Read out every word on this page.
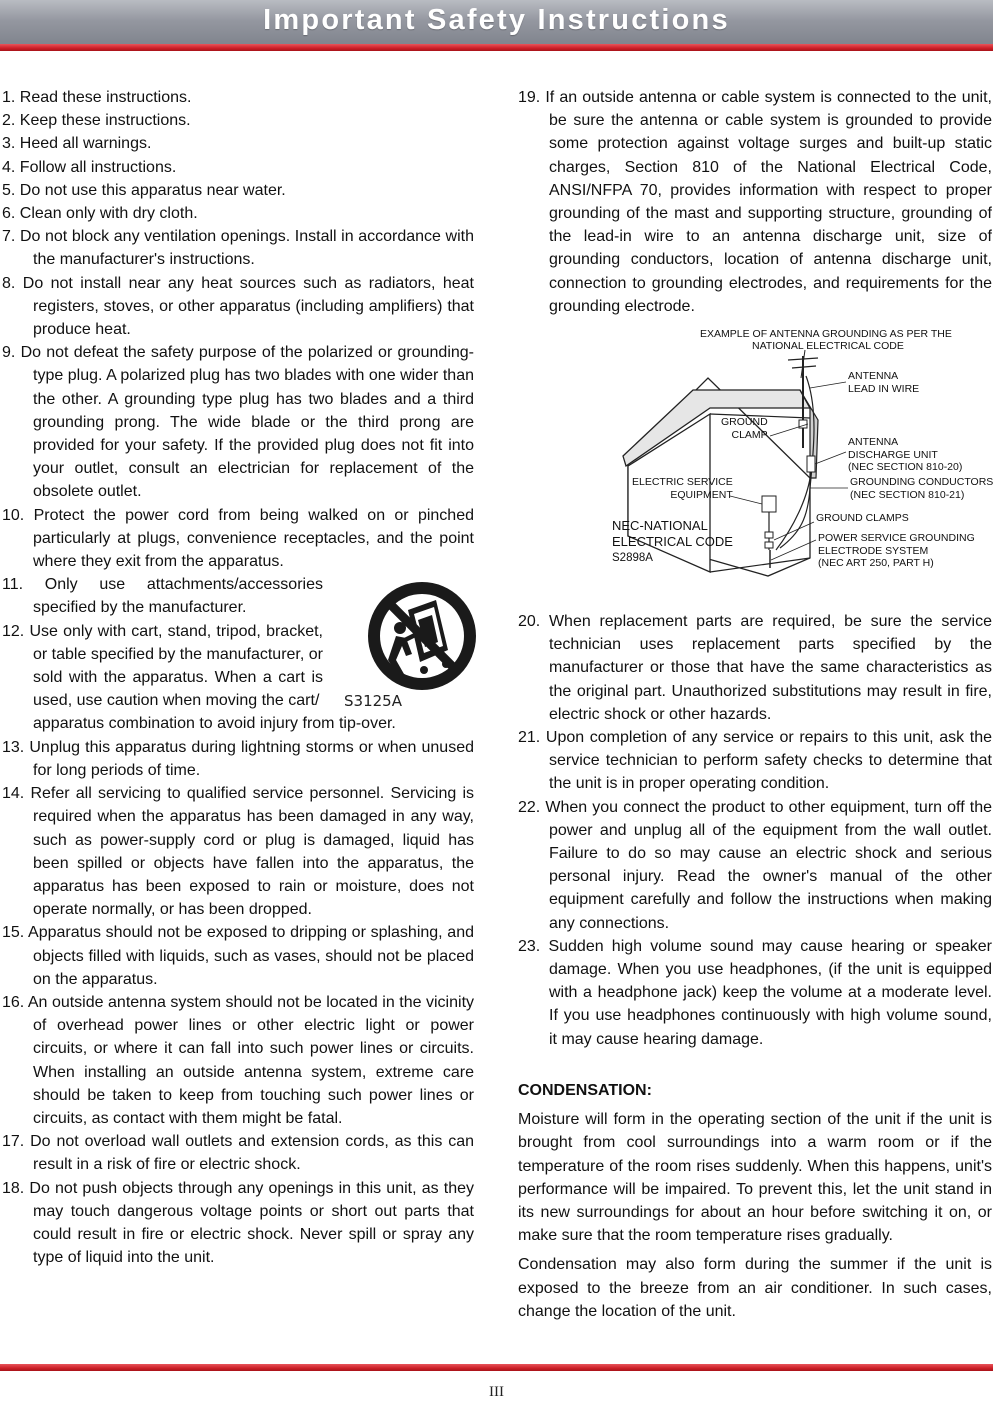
Important Safety Instructions

1. Read these instructions.

2. Keep these instructions.

3. Heed all warnings.

4. Follow all instructions.

5. Do not use this apparatus near water.

6. Clean only with dry cloth.

7. Do not block any ventilation openings. Install in accordance with the manufacturer's instructions.

8. Do not install near any heat sources such as radiators, heat registers, stoves, or other apparatus (including amplifiers) that produce heat.

9. Do not defeat the safety purpose of the polarized or grounding-type plug. A polarized plug has two blades with one wider than the other. A grounding type plug has two blades and a third grounding prong. The wide blade or the third prong are provided for your safety. If the provided plug does not fit into your outlet, consult an electrician for replacement of the obsolete outlet.

10. Protect the power cord from being walked on or pinched particularly at plugs, convenience receptacles, and the point where they exit from the apparatus.

11. Only use attachments/accessories specified by the manufacturer.

12. Use only with cart, stand, tripod, bracket, or table specified by the manufacturer, or sold with the apparatus. When a cart is used, use caution when moving the cart/

apparatus combination to avoid injury from tip-over.

13. Unplug this apparatus during lightning storms or when unused for long periods of time.

14. Refer all servicing to qualified service personnel. Servicing is required when the apparatus has been damaged in any way, such as power-supply cord or plug is damaged, liquid has been spilled or objects have fallen into the apparatus, the apparatus has been exposed to rain or moisture, does not operate normally, or has been dropped.

15. Apparatus should not be exposed to dripping or splashing, and objects filled with liquids, such as vases, should not be placed on the apparatus.

16. An outside antenna system should not be located in the vicinity of overhead power lines or other electric light or power circuits, or where it can fall into such power lines or circuits. When installing an outside antenna system, extreme care should be taken to keep from touching such power lines or circuits, as contact with them might be fatal.

17. Do not overload wall outlets and extension cords, as this can result in a risk of fire or electric shock.

18. Do not push objects through any openings in this unit, as they may touch dangerous voltage points or short out parts that could result in fire or electric shock. Never spill or spray any type of liquid into the unit.

S3125A

19. If an outside antenna or cable system is connected to the unit, be sure the antenna or cable system is grounded to provide some protection against voltage surges and built-up static charges, Section 810 of the National Electrical Code, ANSI/NFPA 70, provides information with respect to proper grounding of the mast and supporting structure, grounding of the lead-in wire to an antenna discharge unit, size of grounding conductors, location of antenna discharge unit, connection to grounding electrodes, and requirements for the grounding electrode.

EXAMPLE OF ANTENNA GROUNDING AS PER THE
NATIONAL ELECTRICAL CODE
ANTENNA
LEAD IN WIRE
GROUND
CLAMP
ANTENNA
DISCHARGE UNIT
(NEC SECTION 810-20)
GROUNDING CONDUCTORS
(NEC SECTION 810-21)
ELECTRIC SERVICE
EQUIPMENT
GROUND CLAMPS
NEC-NATIONAL
ELECTRICAL CODE
S2898A
POWER SERVICE GROUNDING
ELECTRODE SYSTEM
(NEC ART 250, PART H)

20. When replacement parts are required, be sure the service technician uses replacement parts specified by the manufacturer or those that have the same characteristics as the original part. Unauthorized substitutions may result in fire, electric shock or other hazards.

21. Upon completion of any service or repairs to this unit, ask the service technician to perform safety checks to determine that the unit is in proper operating condition.

22. When you connect the product to other equipment, turn off the power and unplug all of the equipment from the wall outlet. Failure to do so may cause an electric shock and serious personal injury. Read the owner's manual of the other equipment carefully and follow the instructions when making any connections.

23. Sudden high volume sound may cause hearing or speaker damage. When you use headphones, (if the unit is equipped with a headphone jack) keep the volume at a moderate level. If you use headphones continuously with high volume sound, it may cause hearing damage.

CONDENSATION:

Moisture will form in the operating section of the unit if the unit is brought from cool surroundings into a warm room or if the temperature of the room rises suddenly. When this happens, unit's performance will be impaired. To prevent this, let the unit stand in its new surroundings for about an hour before switching it on, or make sure that the room temperature rises gradually.

Condensation may also form during the summer if the unit is exposed to the breeze from an air conditioner. In such cases, change the location of the unit.

III
